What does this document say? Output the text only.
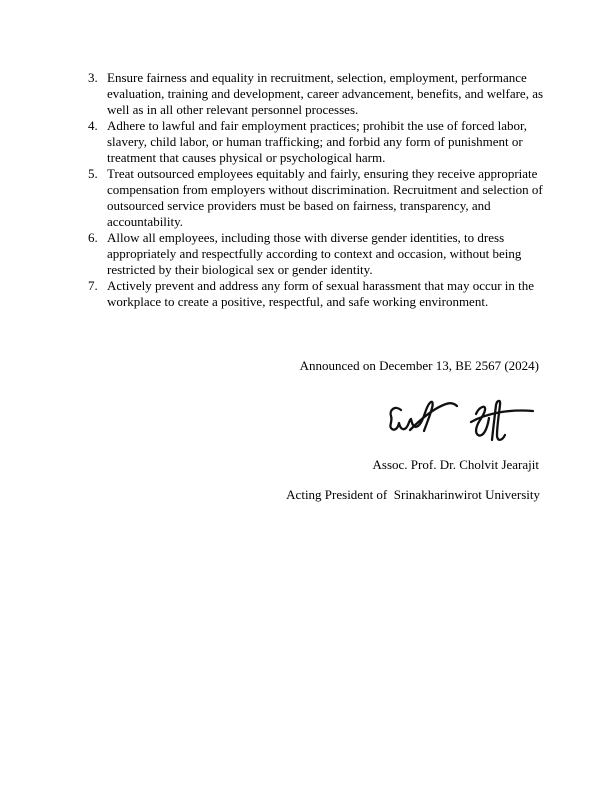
3. Ensure fairness and equality in recruitment, selection, employment, performance evaluation, training and development, career advancement, benefits, and welfare, as well as in all other relevant personnel processes.
4. Adhere to lawful and fair employment practices; prohibit the use of forced labor, slavery, child labor, or human trafficking; and forbid any form of punishment or treatment that causes physical or psychological harm.
5. Treat outsourced employees equitably and fairly, ensuring they receive appropriate compensation from employers without discrimination. Recruitment and selection of outsourced service providers must be based on fairness, transparency, and accountability.
6. Allow all employees, including those with diverse gender identities, to dress appropriately and respectfully according to context and occasion, without being restricted by their biological sex or gender identity.
7. Actively prevent and address any form of sexual harassment that may occur in the workplace to create a positive, respectful, and safe working environment.
Announced on December 13, BE 2567 (2024)
Assoc. Prof. Dr. Cholvit Jearajit
Acting President of  Srinakharinwirot University
